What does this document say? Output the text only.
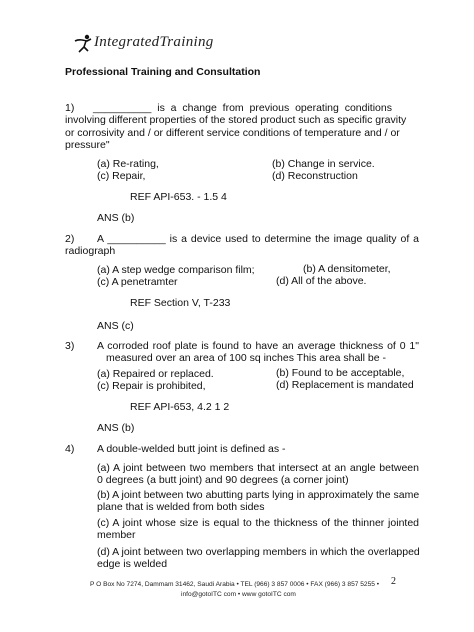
IntegratedTraining
Professional Training and Consultation
1)	__________ is a change from previous operating conditions
involving different properties of the stored product such as specific gravity
or corrosivity and / or different service conditions of temperature and / or
pressure"
(a) Re-rating,	(b) Change in service.
(c) Repair,	(d) Reconstruction
REF API-653. - 1.5 4
ANS (b)
2)	A __________ is a device used to determine the image quality of a
radiograph
(a) A step wedge comparison film;	(b) A densitometer,
(c) A penetramter	(d) All of the above.
REF Section V, T-233
ANS (c)
3) A corroded roof plate is found to have an average thickness of 0 1"
measured over an area of 100 sq inches This area shall be -
(a) Repaired or replaced.	(b) Found to be acceptable,
(c) Repair is prohibited,	(d) Replacement is mandated
REF API-653, 4.2 1 2
ANS (b)
4) A double-welded butt joint is defined as -
(a) A joint between two members that intersect at an angle between
0 degrees (a butt joint) and 90 degrees (a corner joint)
(b) A joint between two abutting parts lying in approximately the same
plane that is welded from both sides
(c) A joint whose size is equal to the thickness of the thinner jointed
member
(d) A joint between two overlapping members in which the overlapped
edge is welded
P O Box No 7274, Dammam 31462, Saudi Arabia • TEL (966) 3 857 0006 • FAX (966) 3 857 5255 •
info@gotoITC com • www gotoITC com
2
